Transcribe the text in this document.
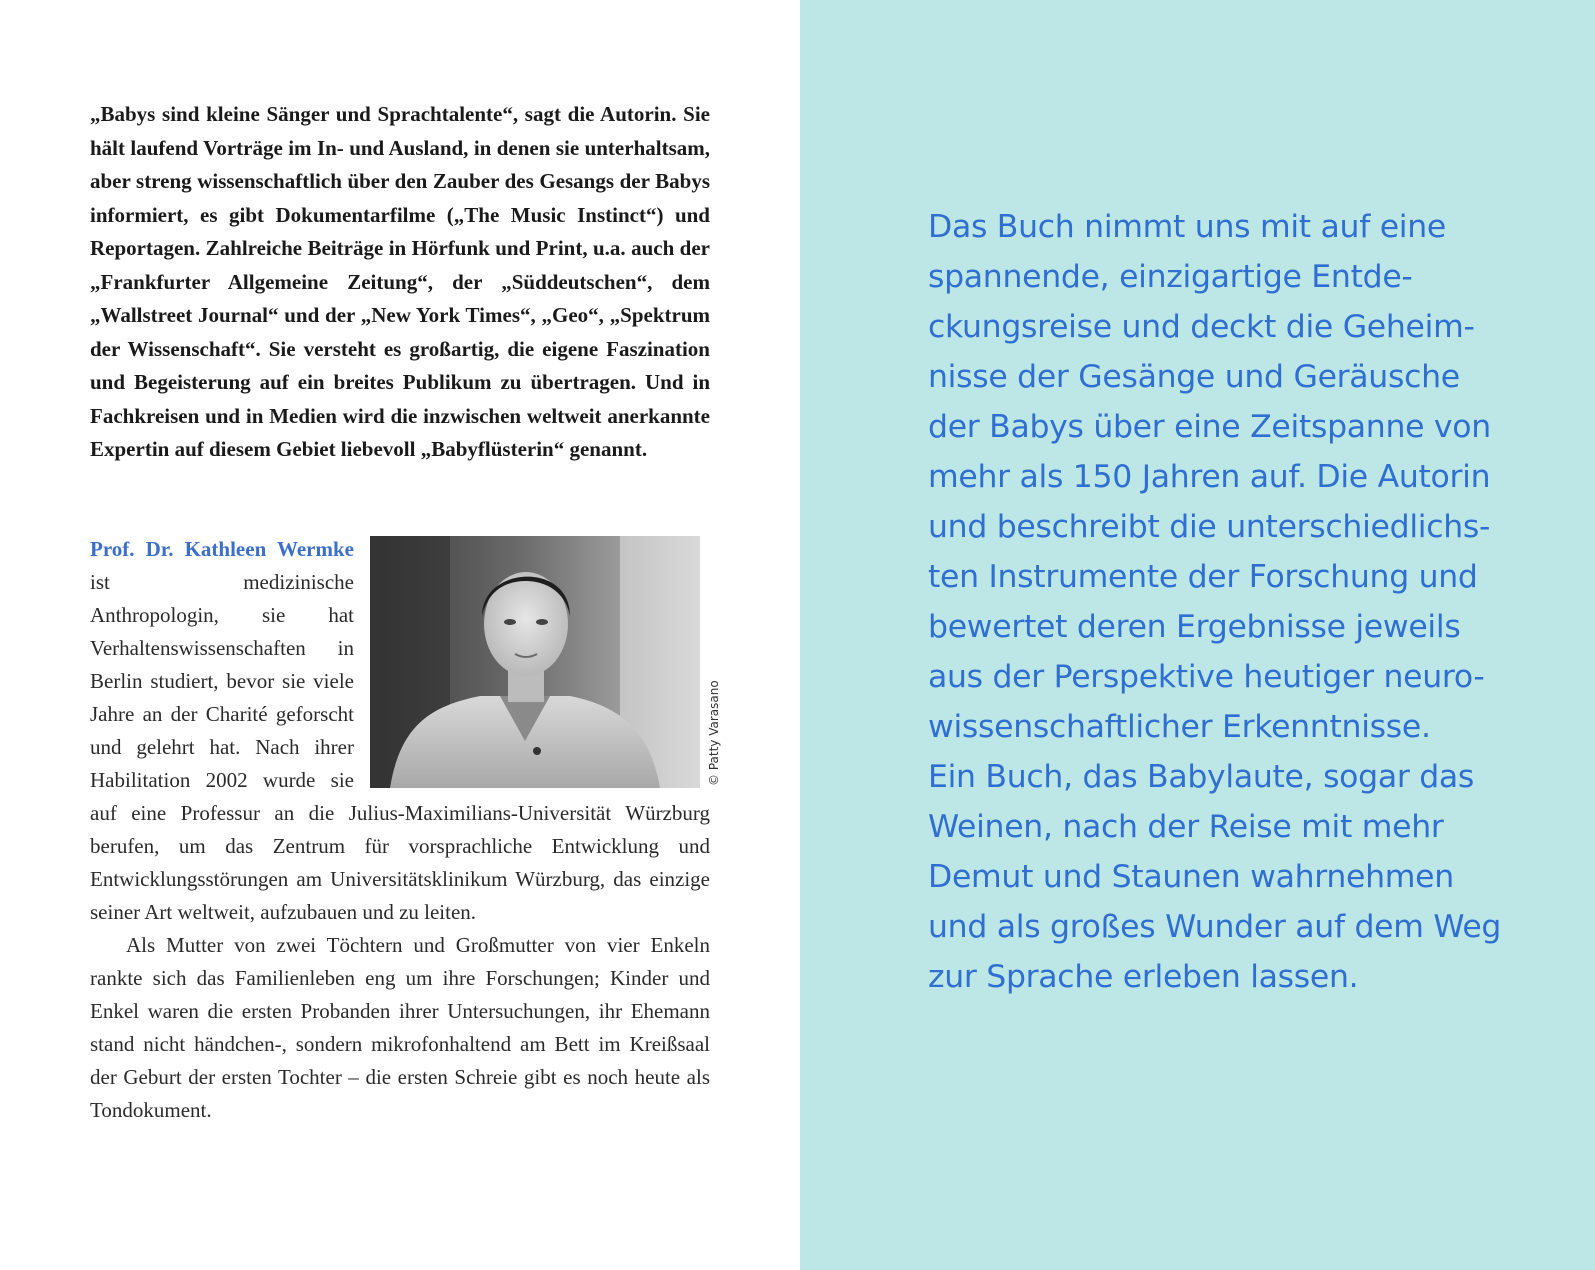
„Babys sind kleine Sänger und Sprachtalente“, sagt die Autorin. Sie hält laufend Vorträge im In- und Ausland, in denen sie unterhaltsam, aber streng wissenschaftlich über den Zauber des Gesangs der Babys informiert, es gibt Dokumentarfilme („The Music Instinct“) und Reportagen. Zahlreiche Beiträge in Hörfunk und Print, u.a. auch der „Frankfurter Allgemeine Zeitung“, der „Süddeutschen“, dem „Wallstreet Journal“ und der „New York Times“, „Geo“, „Spektrum der Wissenschaft“. Sie versteht es großartig, die eigene Faszination und Begeisterung auf ein breites Publikum zu übertragen. Und in Fachkreisen und in Medien wird die inzwischen weltweit anerkannte Expertin auf diesem Gebiet liebevoll „Babyflüsterin“ genannt.

© Patty Varasano

Prof. Dr. Kathleen Wermke ist medizinische Anthropologin, sie hat Verhaltenswissenschaften in Berlin studiert, bevor sie viele Jahre an der Charité geforscht und gelehrt hat. Nach ihrer Habilitation 2002 wurde sie auf eine Professur an die Julius-Maximilians-Universität Würzburg berufen, um das Zentrum für vorsprachliche Entwicklung und Entwicklungsstörungen am Universitätsklinikum Würzburg, das einzige seiner Art weltweit, aufzubauen und zu leiten.

Als Mutter von zwei Töchtern und Großmutter von vier Enkeln rankte sich das Familienleben eng um ihre Forschungen; Kinder und Enkel waren die ersten Probanden ihrer Untersuchungen, ihr Ehemann stand nicht händchen-, sondern mikrofonhaltend am Bett im Kreißsaal der Geburt der ersten Tochter – die ersten Schreie gibt es noch heute als Tondokument.

Das Buch nimmt uns mit auf eine
spannende, einzigartige Entde-
ckungsreise und deckt die Geheim-
nisse der Gesänge und Geräusche
der Babys über eine Zeitspanne von
mehr als 150 Jahren auf. Die Autorin
und beschreibt die unterschiedlichs-
ten Instrumente der Forschung und
bewertet deren Ergebnisse jeweils
aus der Perspektive heutiger neuro-
wissenschaftlicher Erkenntnisse.
Ein Buch, das Babylaute, sogar das
Weinen, nach der Reise mit mehr
Demut und Staunen wahrnehmen
und als großes Wunder auf dem Weg
zur Sprache erleben lassen.
